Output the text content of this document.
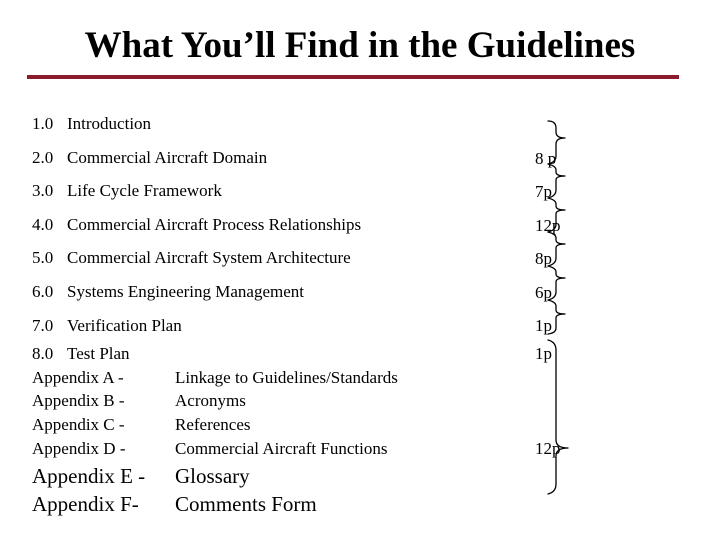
What You’ll Find in the Guidelines
1.0 Introduction
2.0 Commercial Aircraft Domain	8 p
3.0 Life Cycle Framework	7p
4.0 Commercial Aircraft Process Relationships	12p
5.0 Commercial Aircraft System Architecture	8p
6.0 Systems Engineering Management	6p
7.0 Verification Plan	1p
8.0 Test Plan	1p
Appendix A -	Linkage to Guidelines/Standards
Appendix B -	Acronyms
Appendix C -	References
Appendix D -	Commercial Aircraft Functions	12p
Appendix E - Glossary
Appendix F- Comments Form
